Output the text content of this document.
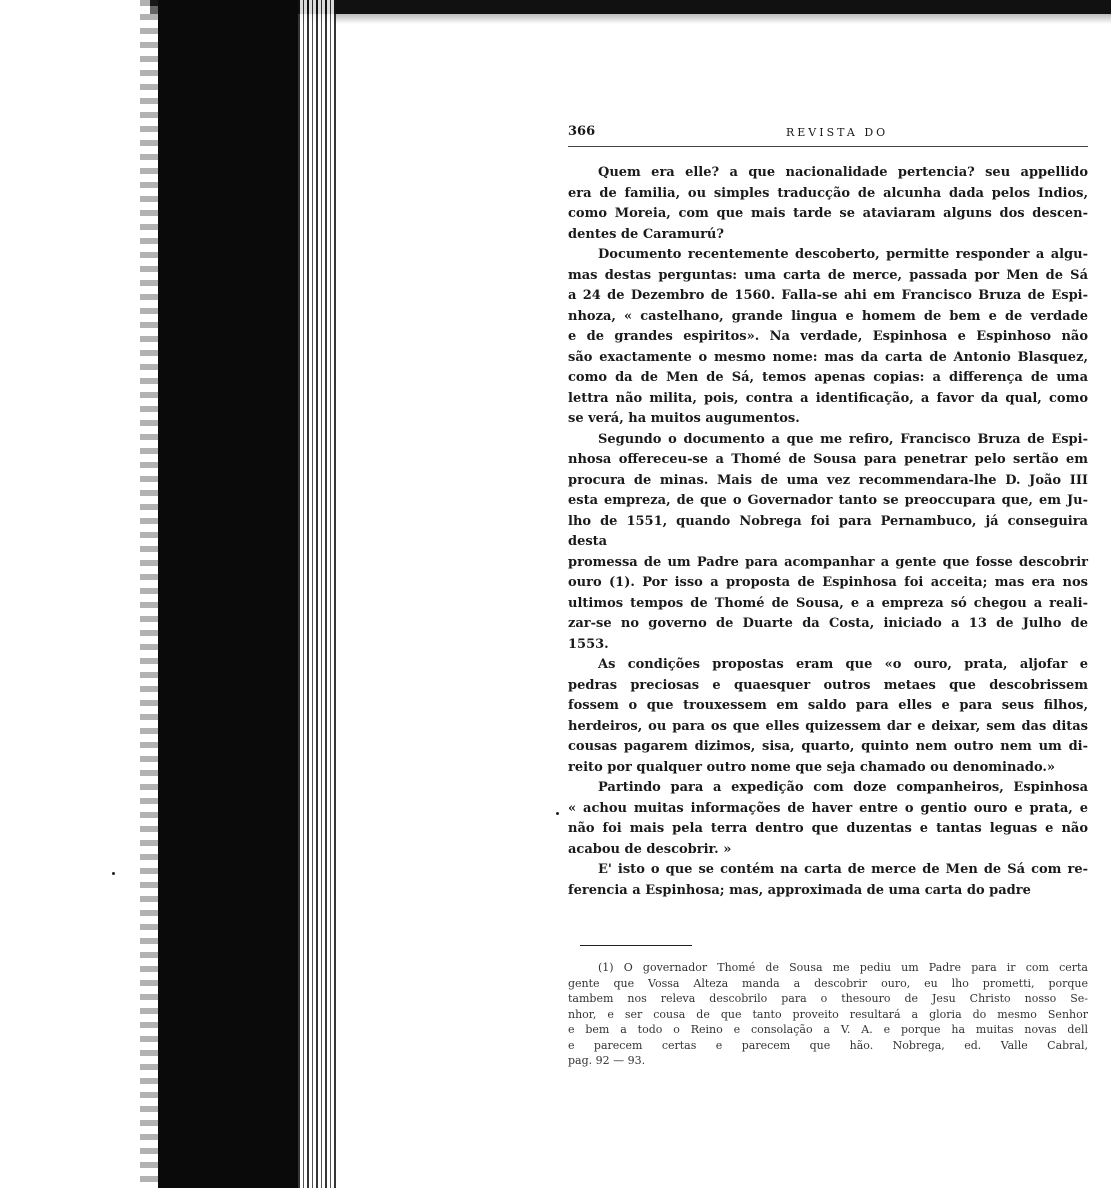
366	REVISTA DO

Quem era elle? a que nacionalidade pertencia? seu appellido
era de familia, ou simples traducção de alcunha dada pelos Indios,
como Moreia, com que mais tarde se ataviaram alguns dos descen-
dentes de Caramurú?

Documento recentemente descoberto, permitte responder a algu-
mas destas perguntas: uma carta de merce, passada por Men de Sá
a 24 de Dezembro de 1560. Falla-se ahi em Francisco Bruza de Espi-
nhoza, « castelhano, grande lingua e homem de bem e de verdade
e de grandes espiritos». Na verdade, Espinhosa e Espinhoso não
são exactamente o mesmo nome: mas da carta de Antonio Blasquez,
como da de Men de Sá, temos apenas copias: a differença de uma
lettra não milita, pois, contra a identificação, a favor da qual, como
se verá, ha muitos augumentos.

Segundo o documento a que me refiro, Francisco Bruza de Espi-
nhosa offereceu-se a Thomé de Sousa para penetrar pelo sertão em
procura de minas. Mais de uma vez recommendara-lhe D. João III
esta empreza, de que o Governador tanto se preoccupara que, em Ju-
lho de 1551, quando Nobrega foi para Pernambuco, já conseguira desta
promessa de um Padre para acompanhar a gente que fosse descobrir
ouro (1). Por isso a proposta de Espinhosa foi acceita; mas era nos
ultimos tempos de Thomé de Sousa, e a empreza só chegou a reali-
zar-se no governo de Duarte da Costa, iniciado a 13 de Julho de
1553.

As condições propostas eram que «o ouro, prata, aljofar e
pedras preciosas e quaesquer outros metaes que descobrissem
fossem o que trouxessem em saldo para elles e para seus filhos,
herdeiros, ou para os que elles quizessem dar e deixar, sem das ditas
cousas pagarem dizimos, sisa, quarto, quinto nem outro nem um di-
reito por qualquer outro nome que seja chamado ou denominado.»

Partindo para a expedição com doze companheiros, Espinhosa
« achou muitas informações de haver entre o gentio ouro e prata, e
não foi mais pela terra dentro que duzentas e tantas leguas e não
acabou de descobrir. »

E' isto o que se contém na carta de merce de Men de Sá com re-
ferencia a Espinhosa; mas, approximada de uma carta do padre

(1) O governador Thomé de Sousa me pediu um Padre para ir com certa
gente que Vossa Alteza manda a descobrir ouro, eu lho prometti, porque
tambem nos releva descobrilo para o thesouro de Jesu Christo nosso Se-
nhor, e ser cousa de que tanto proveito resultará a gloria do mesmo Senhor
e bem a todo o Reino e consolação a V. A. e porque ha muitas novas dell
e parecem certas e parecem que hão. Nobrega, ed. Valle Cabral,
pag. 92 — 93.
